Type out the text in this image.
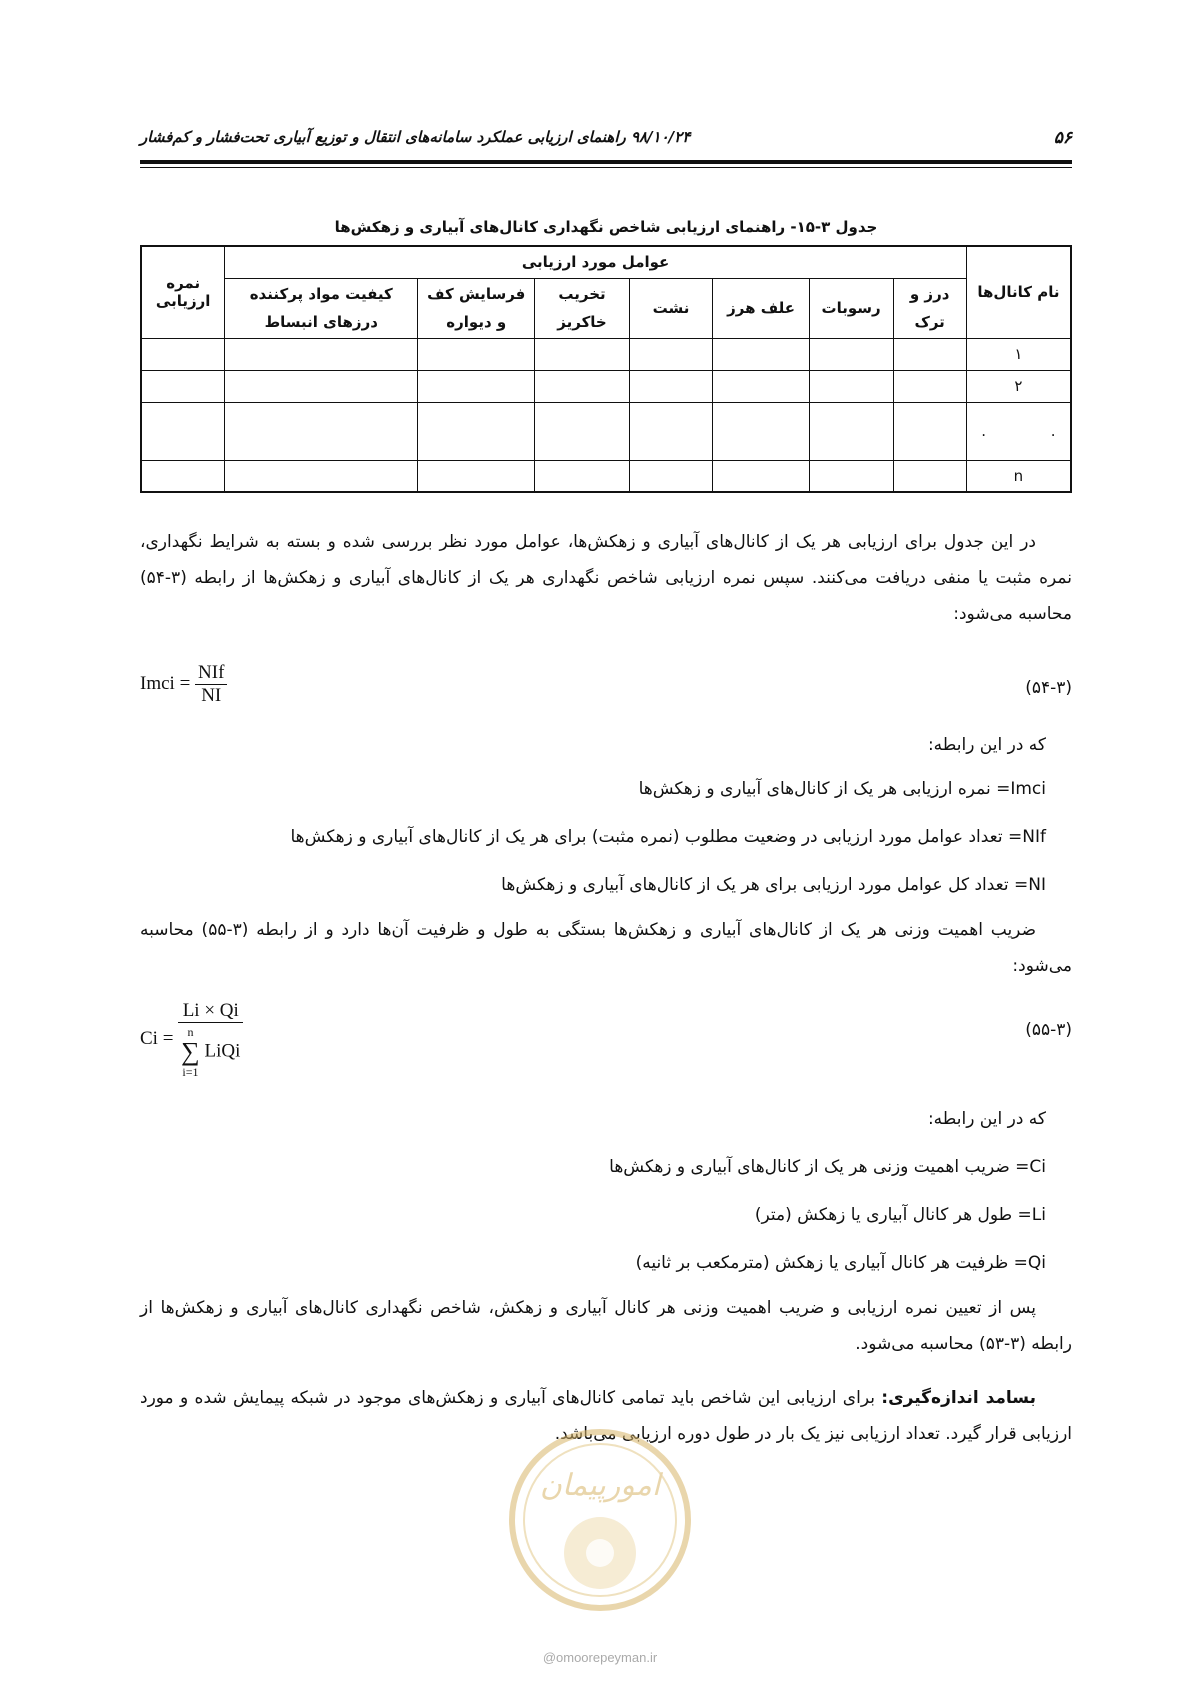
۵۶
۹۸/۱۰/۲۴ راهنمای ارزیابی عملکرد سامانه‌های انتقال و توزیع آبیاری تحت‌فشار و کم‌فشار
جدول ۳-۱۵- راهنمای ارزیابی شاخص نگهداری کانال‌های آبیاری و زهکش‌ها
نام کانال‌ها	عوامل مورد ارزیابی							نمره ارزیابی
	درز و ترک	رسوبات	علف هرز	نشت	تخریب خاکریز	فرسایش کف و دیواره	کیفیت مواد پرکننده درزهای انبساط	
۱								
۲								
. .								
n								
در این جدول برای ارزیابی هر یک از کانال‌های آبیاری و زهکش‌ها، عوامل مورد نظر بررسی شده و بسته به شرایط نگهداری، نمره مثبت یا منفی دریافت می‌کنند. سپس نمره ارزیابی شاخص نگهداری هر یک از کانال‌های آبیاری و زهکش‌ها از رابطه (۳-۵۴) محاسبه می‌شود:
Imci = $\frac{\text{NIf}}{NI}$	(۵۴-۳)
که در این رابطه:
Imci= نمره ارزیابی هر یک از کانال‌های آبیاری و زهکش‌ها
NIf= تعداد عوامل مورد ارزیابی در وضعیت مطلوب (نمره مثبت) برای هر یک از کانال‌های آبیاری و زهکش‌ها
NI= تعداد کل عوامل مورد ارزیابی برای هر یک از کانال‌های آبیاری و زهکش‌ها
ضریب اهمیت وزنی هر یک از کانال‌های آبیاری و زهکش‌ها بستگی به طول و ظرفیت آن‌ها دارد و از رابطه (۳-۵۵) محاسبه می‌شود:
Ci = Li × Qi
n
∑
i=1
LiQi	(۵۵-۳)
که در این رابطه:
Ci= ضریب اهمیت وزنی هر یک از کانال‌های آبیاری و زهکش‌ها
Li= طول هر کانال آبیاری یا زهکش (متر)
Qi= ظرفیت هر کانال آبیاری یا زهکش (مترمکعب بر ثانیه)
پس از تعیین نمره ارزیابی و ضریب اهمیت وزنی هر کانال آبیاری و زهکش، شاخص نگهداری کانال‌های آبیاری و زهکش‌ها از رابطه (۳-۵۳) محاسبه می‌شود.
بسامد اندازه‌گیری: برای ارزیابی این شاخص باید تمامی کانال‌های آبیاری و زهکش‌های موجود در شبکه پیمایش شده و مورد ارزیابی قرار گیرد. تعداد ارزیابی نیز یک بار در طول دوره ارزیابی می‌باشد.
امورپیمان
@omoorepeyman.ir
